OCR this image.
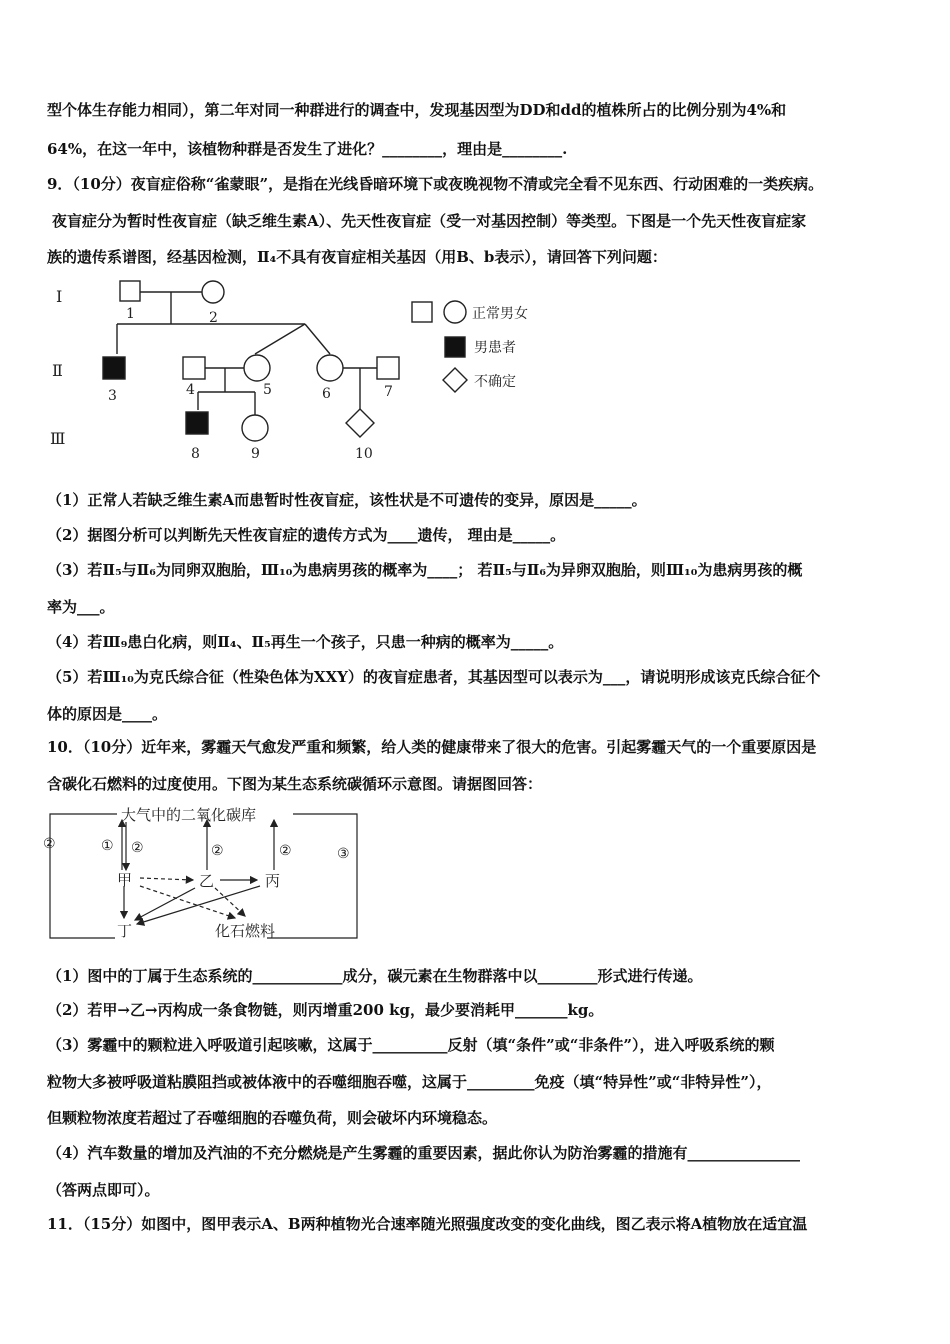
型个体生存能力相同），第二年对同一种群进行的调查中，发现基因型为DD和dd的植株所占的比例分别为4%和
64%，在这一年中，该植物种群是否发生了进化？________，理由是________.
9．（10分）夜盲症俗称“雀蒙眼”，是指在光线昏暗环境下或夜晚视物不清或完全看不见东西、行动困难的一类疾病。
夜盲症分为暂时性夜盲症（缺乏维生素A）、先天性夜盲症（受一对基因控制）等类型。下图是一个先天性夜盲症家
族的遗传系谱图，经基因检测，Ⅱ₄不具有夜盲症相关基因（用B、b表示），请回答下列问题：
Ⅰ
Ⅱ
Ⅲ
1	2
3	4	5	6	7
8	9	10
正常男女
男患者
不确定
（1）正常人若缺乏维生素A而患暂时性夜盲症，该性状是不可遗传的变异，原因是_____。
（2）据图分析可以判断先天性夜盲症的遗传方式为____遗传， 理由是_____。
（3）若Ⅱ₅与Ⅱ₆为同卵双胞胎，Ⅲ₁₀为患病男孩的概率为____； 若Ⅱ₅与Ⅱ₆为异卵双胞胎，则Ⅲ₁₀为患病男孩的概
率为___。
（4）若Ⅲ₉患白化病，则Ⅱ₄、Ⅱ₅再生一个孩子，只患一种病的概率为_____。
（5）若Ⅲ₁₀为克氏综合征（性染色体为XXY）的夜盲症患者，其基因型可以表示为___，请说明形成该克氏综合征个
体的原因是____。
10．（10分）近年来，雾霾天气愈发严重和频繁，给人类的健康带来了很大的危害。引起雾霾天气的一个重要原因是
含碳化石燃料的过度使用。下图为某生态系统碳循环示意图。请据图回答：
大气中的二氧化碳库
甲	乙	丙
丁	化石燃料
②	① ②	②	②	③
（1）图中的丁属于生态系统的____________成分，碳元素在生物群落中以________形式进行传递。
（2）若甲→乙→丙构成一条食物链，则丙增重200 kg，最少要消耗甲_______kg。
（3）雾霾中的颗粒进入呼吸道引起咳嗽，这属于__________反射（填“条件”或“非条件”），进入呼吸系统的颗
粒物大多被呼吸道粘膜阻挡或被体液中的吞噬细胞吞噬，这属于_________免疫（填“特异性”或“非特异性”），
但颗粒物浓度若超过了吞噬细胞的吞噬负荷，则会破坏内环境稳态。
（4）汽车数量的增加及汽油的不充分燃烧是产生雾霾的重要因素，据此你认为防治雾霾的措施有_______________
（答两点即可）。
11．（15分）如图中，图甲表示A、B两种植物光合速率随光照强度改变的变化曲线，图乙表示将A植物放在适宜温
